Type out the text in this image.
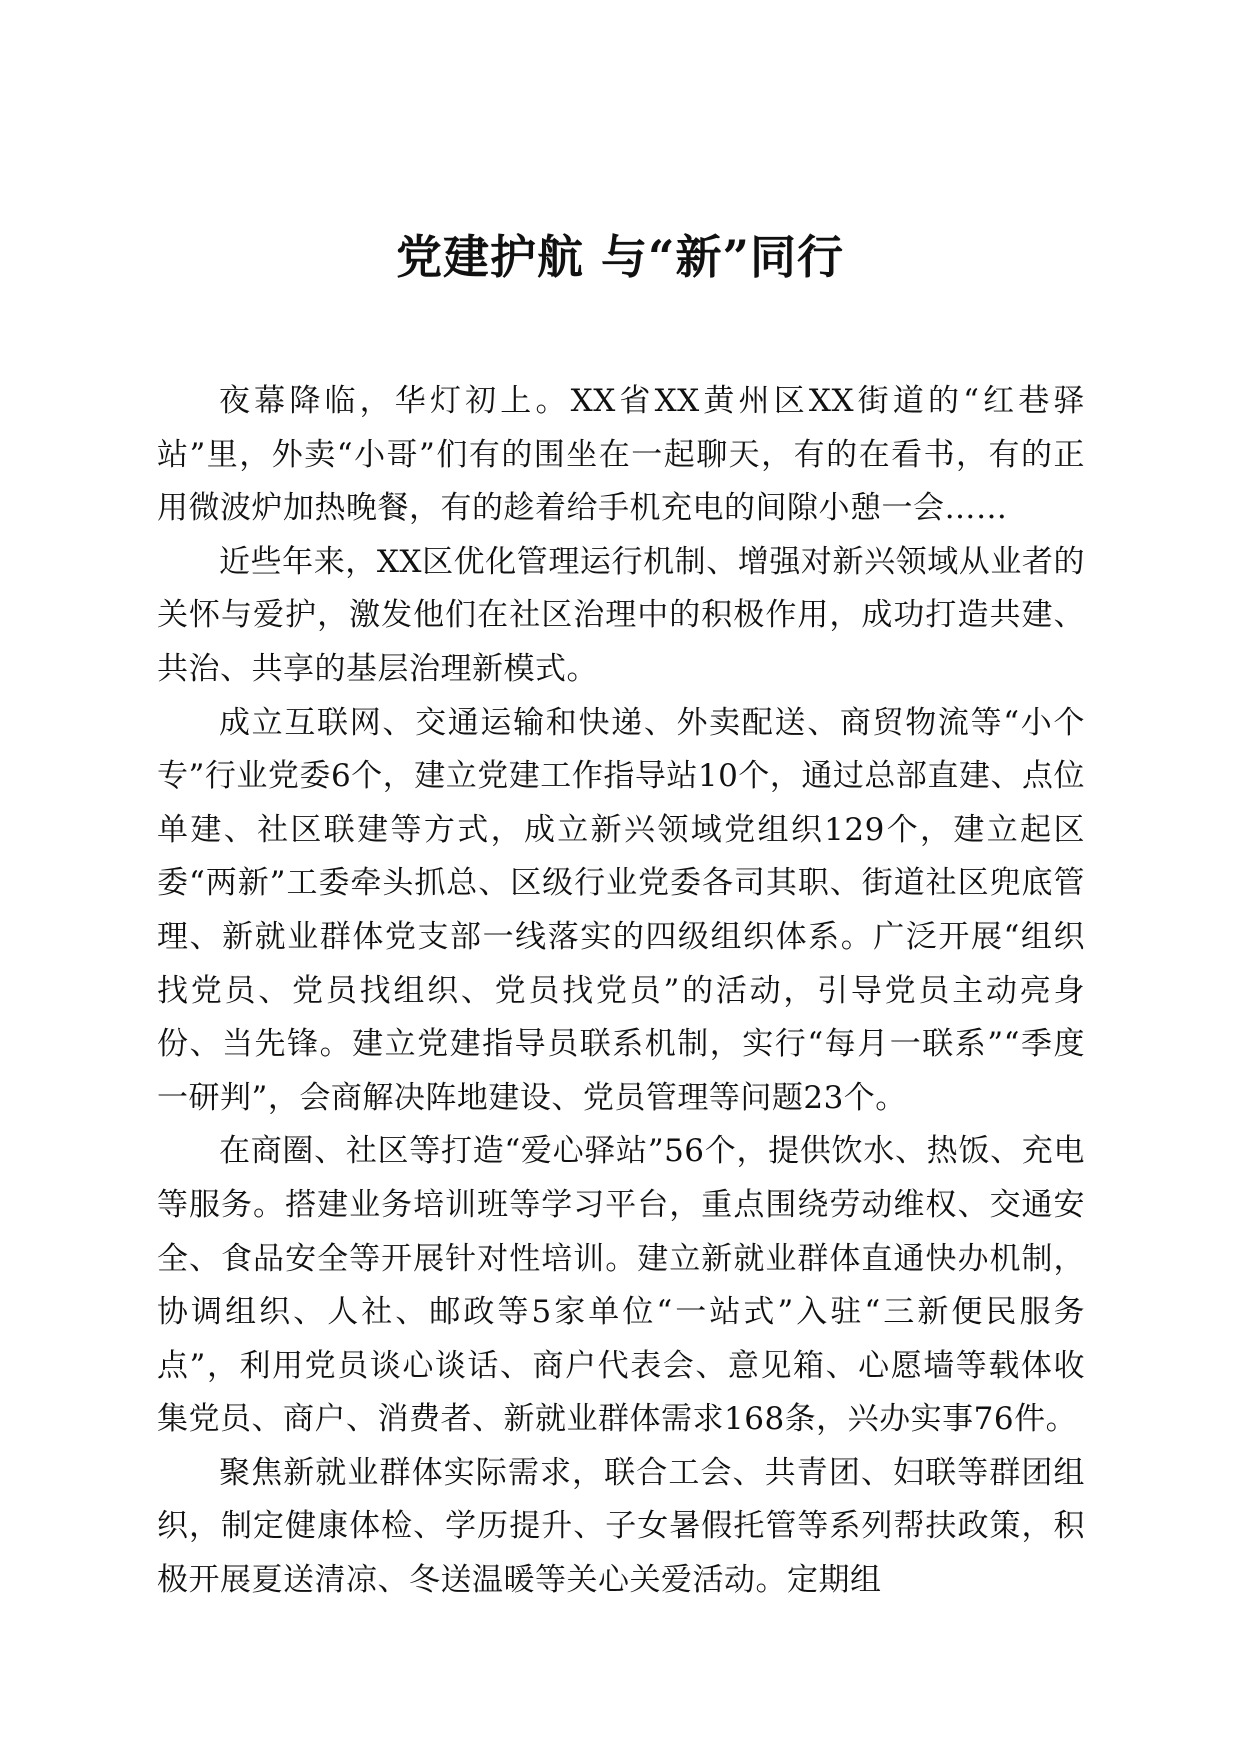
党建护航 与“新”同行

夜幕降临，华灯初上。XX省XX黄州区XX街道的“红巷驿站”里，外卖“小哥”们有的围坐在一起聊天，有的在看书，有的正用微波炉加热晚餐，有的趁着给手机充电的间隙小憩一会……

近些年来，XX区优化管理运行机制、增强对新兴领域从业者的关怀与爱护，激发他们在社区治理中的积极作用，成功打造共建、共治、共享的基层治理新模式。

成立互联网、交通运输和快递、外卖配送、商贸物流等“小个专”行业党委6个，建立党建工作指导站10个，通过总部直建、点位单建、社区联建等方式，成立新兴领域党组织129个，建立起区委“两新”工委牵头抓总、区级行业党委各司其职、街道社区兜底管理、新就业群体党支部一线落实的四级组织体系。广泛开展“组织找党员、党员找组织、党员找党员”的活动，引导党员主动亮身份、当先锋。建立党建指导员联系机制，实行“每月一联系”“季度一研判”，会商解决阵地建设、党员管理等问题23个。

在商圈、社区等打造“爱心驿站”56个，提供饮水、热饭、充电等服务。搭建业务培训班等学习平台，重点围绕劳动维权、交通安全、食品安全等开展针对性培训。建立新就业群体直通快办机制，协调组织、人社、邮政等5家单位“一站式”入驻“三新便民服务点”，利用党员谈心谈话、商户代表会、意见箱、心愿墙等载体收集党员、商户、消费者、新就业群体需求168条，兴办实事76件。

聚焦新就业群体实际需求，联合工会、共青团、妇联等群团组织，制定健康体检、学历提升、子女暑假托管等系列帮扶政策，积极开展夏送清凉、冬送温暖等关心关爱活动。定期组
